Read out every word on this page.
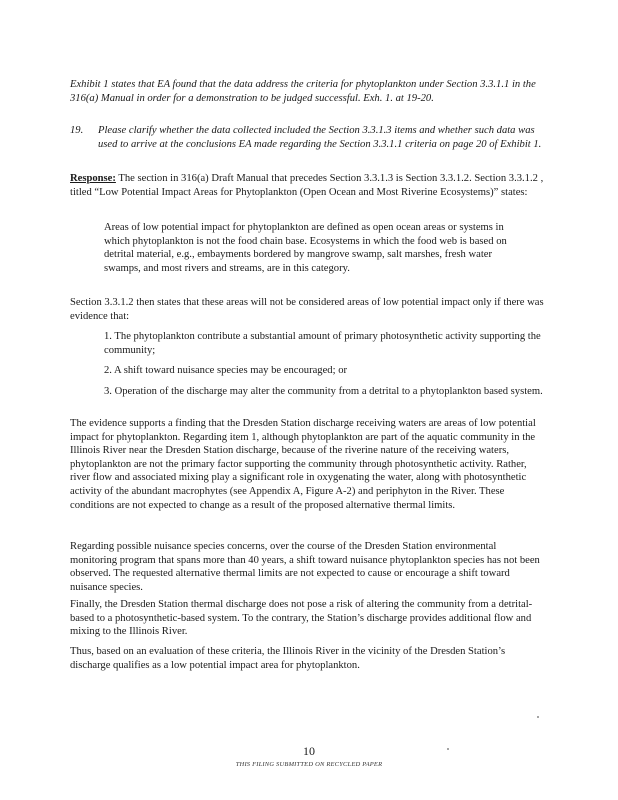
Exhibit 1 states that EA found that the data address the criteria for phytoplankton under Section 3.3.1.1 in the 316(a) Manual in order for a demonstration to be judged successful. Exh. 1. at 19-20.

19.	Please clarify whether the data collected included the Section 3.3.1.3 items and whether such data was used to arrive at the conclusions EA made regarding the Section 3.3.1.1 criteria on page 20 of Exhibit 1.

Response: The section in 316(a) Draft Manual that precedes Section 3.3.1.3 is Section 3.3.1.2. Section 3.3.1.2 , titled “Low Potential Impact Areas for Phytoplankton (Open Ocean and Most Riverine Ecosystems)” states:

Areas of low potential impact for phytoplankton are defined as open ocean areas or systems in which phytoplankton is not the food chain base. Ecosystems in which the food web is based on detrital material, e.g., embayments bordered by mangrove swamp, salt marshes, fresh water swamps, and most rivers and streams, are in this category.

Section 3.3.1.2 then states that these areas will not be considered areas of low potential impact only if there was evidence that:

1. The phytoplankton contribute a substantial amount of primary photosynthetic activity supporting the community;
2. A shift toward nuisance species may be encouraged; or
3. Operation of the discharge may alter the community from a detrital to a phytoplankton based system.

The evidence supports a finding that the Dresden Station discharge receiving waters are areas of low potential impact for phytoplankton. Regarding item 1, although phytoplankton are part of the aquatic community in the Illinois River near the Dresden Station discharge, because of the riverine nature of the receiving waters, phytoplankton are not the primary factor supporting the community through photosynthetic activity. Rather, river flow and associated mixing play a significant role in oxygenating the water, along with photosynthetic activity of the abundant macrophytes (see Appendix A, Figure A-2) and periphyton in the River. These conditions are not expected to change as a result of the proposed alternative thermal limits.

Regarding possible nuisance species concerns, over the course of the Dresden Station environmental monitoring program that spans more than 40 years, a shift toward nuisance phytoplankton species has not been observed. The requested alternative thermal limits are not expected to cause or encourage a shift toward nuisance species.

Finally, the Dresden Station thermal discharge does not pose a risk of altering the community from a detrital-based to a photosynthetic-based system. To the contrary, the Station’s discharge provides additional flow and mixing to the Illinois River.

Thus, based on an evaluation of these criteria, the Illinois River in the vicinity of the Dresden Station’s discharge qualifies as a low potential impact area for phytoplankton.

10
THIS FILING SUBMITTED ON RECYCLED PAPER
